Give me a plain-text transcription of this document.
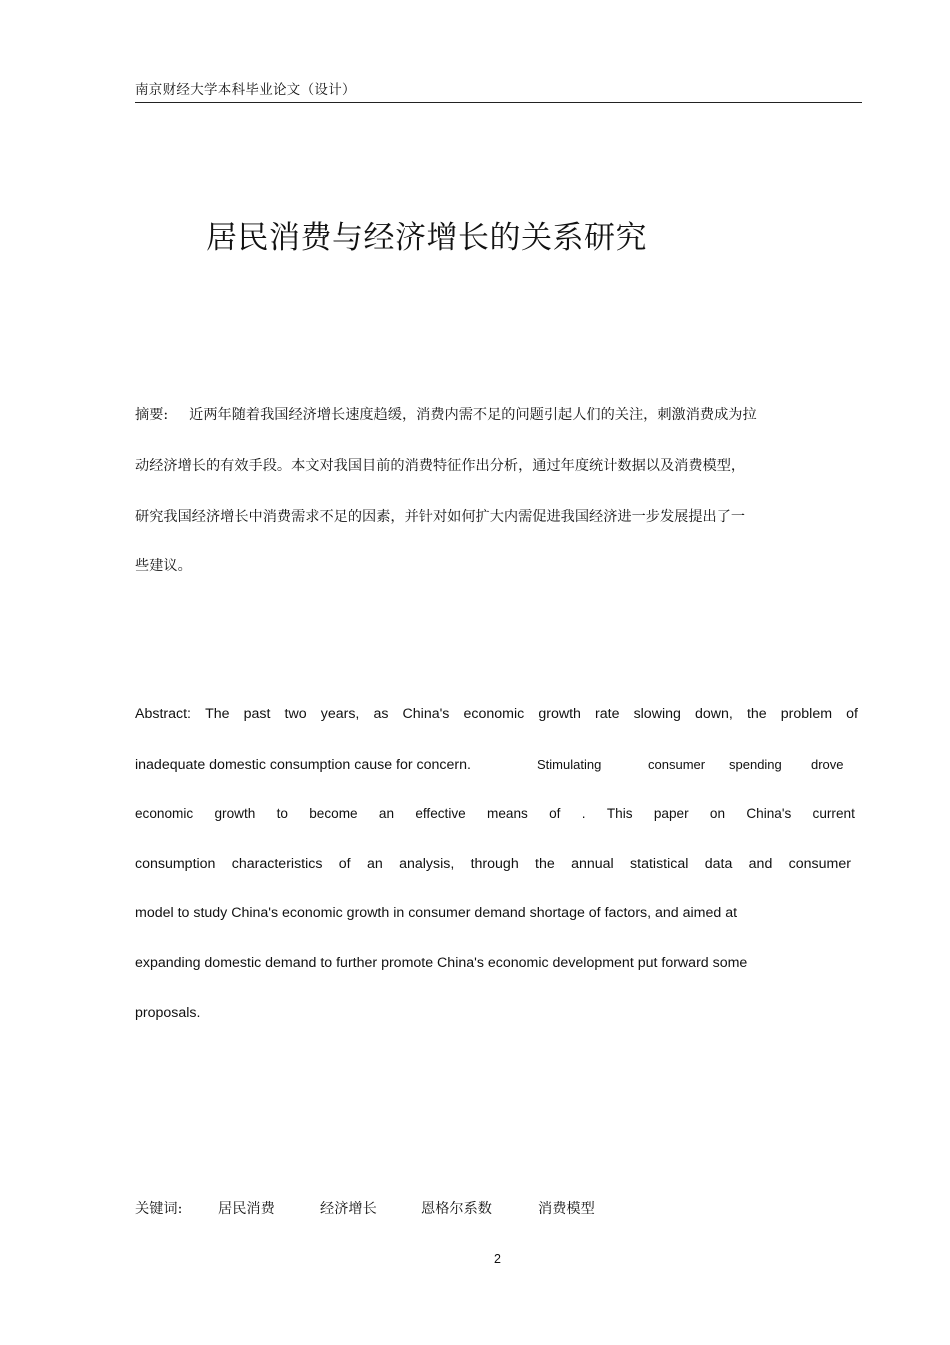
南京财经大学本科毕业论文（设计）
居民消费与经济增长的关系研究
摘要: 近两年随着我国经济增长速度趋缓，消费内需不足的问题引起人们的关注，刺激消费成为拉
动经济增长的有效手段。本文对我国目前的消费特征作出分析，通过年度统计数据以及消费模型，
研究我国经济增长中消费需求不足的因素，并针对如何扩大内需促进我国经济进一步发展提出了一
些建议。
Abstract: The past two years, as China's economic growth rate slowing down, the problem of
inadequate domestic consumption cause for concern.	Stimulating	consumer spending drove
economic growth to become an effective means of . This paper on China's current
consumption characteristics of an analysis, through the annual statistical data and consumer
model to study China's economic growth in consumer demand shortage of factors, and aimed at
expanding domestic demand to further promote China's economic development put forward some
proposals.
关键词:	居民消费	经济增长	恩格尔系数	消费模型
2
